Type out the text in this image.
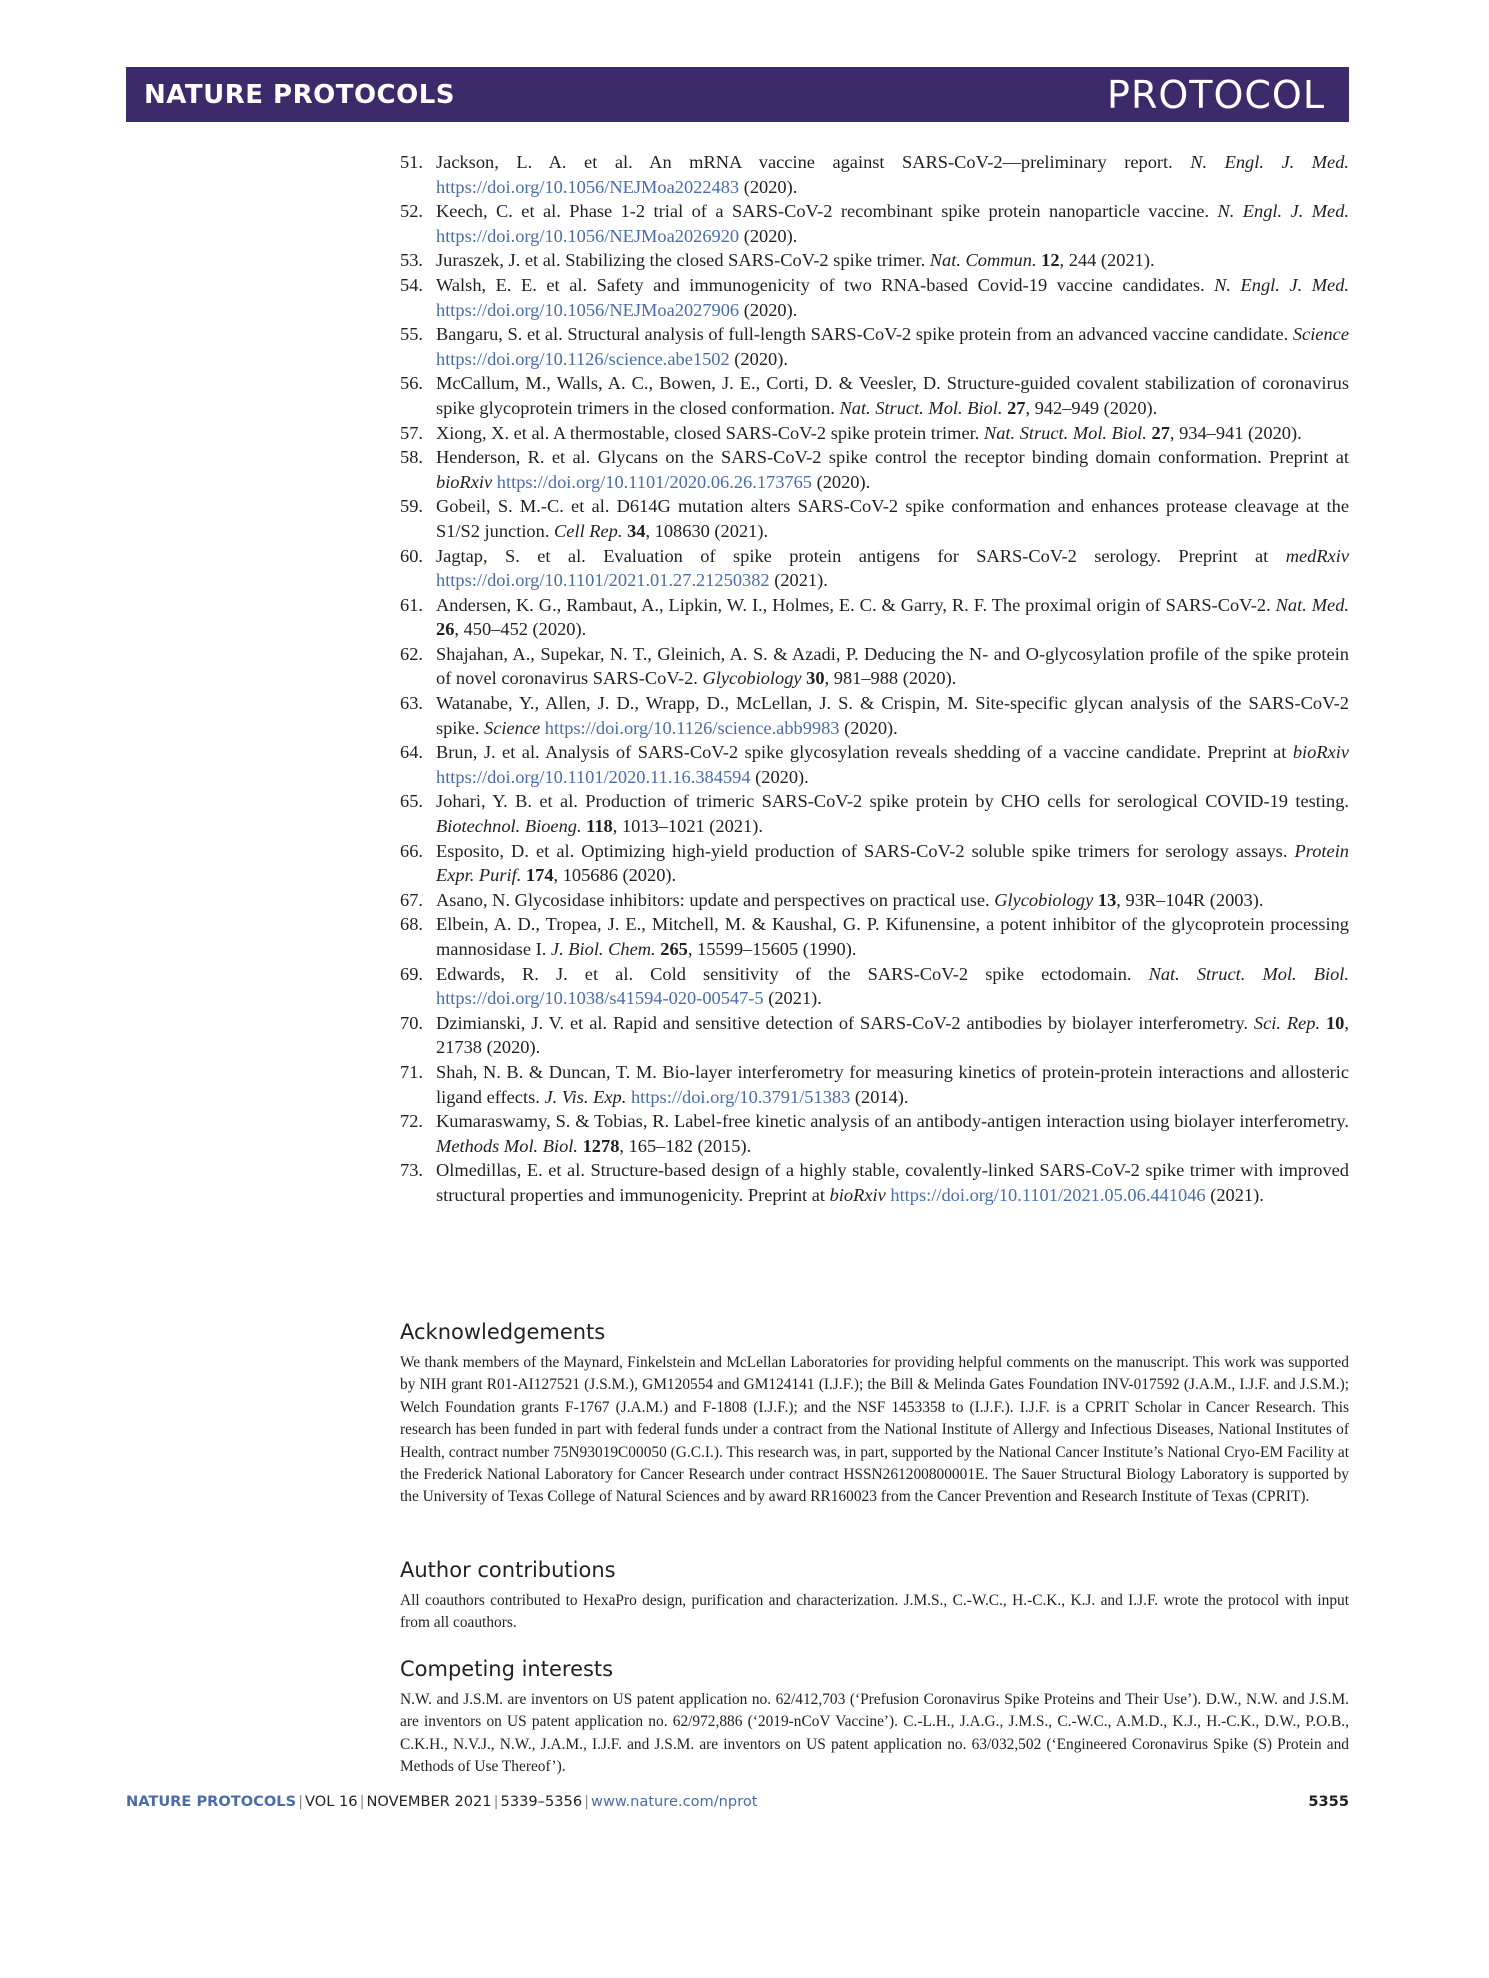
NATURE PROTOCOLS	PROTOCOL
51. Jackson, L. A. et al. An mRNA vaccine against SARS-CoV-2—preliminary report. N. Engl. J. Med. https://doi.org/10.1056/NEJMoa2022483 (2020).
52. Keech, C. et al. Phase 1-2 trial of a SARS-CoV-2 recombinant spike protein nanoparticle vaccine. N. Engl. J. Med. https://doi.org/10.1056/NEJMoa2026920 (2020).
53. Juraszek, J. et al. Stabilizing the closed SARS-CoV-2 spike trimer. Nat. Commun. 12, 244 (2021).
54. Walsh, E. E. et al. Safety and immunogenicity of two RNA-based Covid-19 vaccine candidates. N. Engl. J. Med. https://doi.org/10.1056/NEJMoa2027906 (2020).
55. Bangaru, S. et al. Structural analysis of full-length SARS-CoV-2 spike protein from an advanced vaccine candidate. Science https://doi.org/10.1126/science.abe1502 (2020).
56. McCallum, M., Walls, A. C., Bowen, J. E., Corti, D. & Veesler, D. Structure-guided covalent stabilization of coronavirus spike glycoprotein trimers in the closed conformation. Nat. Struct. Mol. Biol. 27, 942–949 (2020).
57. Xiong, X. et al. A thermostable, closed SARS-CoV-2 spike protein trimer. Nat. Struct. Mol. Biol. 27, 934–941 (2020).
58. Henderson, R. et al. Glycans on the SARS-CoV-2 spike control the receptor binding domain conformation. Preprint at bioRxiv https://doi.org/10.1101/2020.06.26.173765 (2020).
59. Gobeil, S. M.-C. et al. D614G mutation alters SARS-CoV-2 spike conformation and enhances protease cleavage at the S1/S2 junction. Cell Rep. 34, 108630 (2021).
60. Jagtap, S. et al. Evaluation of spike protein antigens for SARS-CoV-2 serology. Preprint at medRxiv https://doi.org/10.1101/2021.01.27.21250382 (2021).
61. Andersen, K. G., Rambaut, A., Lipkin, W. I., Holmes, E. C. & Garry, R. F. The proximal origin of SARS-CoV-2. Nat. Med. 26, 450–452 (2020).
62. Shajahan, A., Supekar, N. T., Gleinich, A. S. & Azadi, P. Deducing the N- and O-glycosylation profile of the spike protein of novel coronavirus SARS-CoV-2. Glycobiology 30, 981–988 (2020).
63. Watanabe, Y., Allen, J. D., Wrapp, D., McLellan, J. S. & Crispin, M. Site-specific glycan analysis of the SARS-CoV-2 spike. Science https://doi.org/10.1126/science.abb9983 (2020).
64. Brun, J. et al. Analysis of SARS-CoV-2 spike glycosylation reveals shedding of a vaccine candidate. Preprint at bioRxiv https://doi.org/10.1101/2020.11.16.384594 (2020).
65. Johari, Y. B. et al. Production of trimeric SARS-CoV-2 spike protein by CHO cells for serological COVID-19 testing. Biotechnol. Bioeng. 118, 1013–1021 (2021).
66. Esposito, D. et al. Optimizing high-yield production of SARS-CoV-2 soluble spike trimers for serology assays. Protein Expr. Purif. 174, 105686 (2020).
67. Asano, N. Glycosidase inhibitors: update and perspectives on practical use. Glycobiology 13, 93R–104R (2003).
68. Elbein, A. D., Tropea, J. E., Mitchell, M. & Kaushal, G. P. Kifunensine, a potent inhibitor of the glycoprotein processing mannosidase I. J. Biol. Chem. 265, 15599–15605 (1990).
69. Edwards, R. J. et al. Cold sensitivity of the SARS-CoV-2 spike ectodomain. Nat. Struct. Mol. Biol. https://doi.org/10.1038/s41594-020-00547-5 (2021).
70. Dzimianski, J. V. et al. Rapid and sensitive detection of SARS-CoV-2 antibodies by biolayer interferometry. Sci. Rep. 10, 21738 (2020).
71. Shah, N. B. & Duncan, T. M. Bio-layer interferometry for measuring kinetics of protein-protein interactions and allosteric ligand effects. J. Vis. Exp. https://doi.org/10.3791/51383 (2014).
72. Kumaraswamy, S. & Tobias, R. Label-free kinetic analysis of an antibody-antigen interaction using biolayer interferometry. Methods Mol. Biol. 1278, 165–182 (2015).
73. Olmedillas, E. et al. Structure-based design of a highly stable, covalently-linked SARS-CoV-2 spike trimer with improved structural properties and immunogenicity. Preprint at bioRxiv https://doi.org/10.1101/2021.05.06.441046 (2021).
Acknowledgements

We thank members of the Maynard, Finkelstein and McLellan Laboratories for providing helpful comments on the manuscript. This work was supported by NIH grant R01-AI127521 (J.S.M.), GM120554 and GM124141 (I.J.F.); the Bill & Melinda Gates Foundation INV-017592 (J.A.M., I.J.F. and J.S.M.); Welch Foundation grants F-1767 (J.A.M.) and F-1808 (I.J.F.); and the NSF 1453358 to (I.J.F.). I.J.F. is a CPRIT Scholar in Cancer Research. This research has been funded in part with federal funds under a contract from the National Institute of Allergy and Infectious Diseases, National Institutes of Health, contract number 75N93019C00050 (G.C.I.). This research was, in part, supported by the National Cancer Institute’s National Cryo-EM Facility at the Frederick National Laboratory for Cancer Research under contract HSSN261200800001E. The Sauer Structural Biology Laboratory is supported by the University of Texas College of Natural Sciences and by award RR160023 from the Cancer Prevention and Research Institute of Texas (CPRIT).

Author contributions

All coauthors contributed to HexaPro design, purification and characterization. J.M.S., C.-W.C., H.-C.K., K.J. and I.J.F. wrote the protocol with input from all coauthors.

Competing interests

N.W. and J.S.M. are inventors on US patent application no. 62/412,703 (‘Prefusion Coronavirus Spike Proteins and Their Use’). D.W., N.W. and J.S.M. are inventors on US patent application no. 62/972,886 (‘2019-nCoV Vaccine’). C.-L.H., J.A.G., J.M.S., C.-W.C., A.M.D., K.J., H.-C.K., D.W., P.O.B., C.K.H., N.V.J., N.W., J.A.M., I.J.F. and J.S.M. are inventors on US patent application no. 63/032,502 (‘Engineered Coronavirus Spike (S) Protein and Methods of Use Thereof’).

NATURE PROTOCOLS | VOL 16 | NOVEMBER 2021 | 5339–5356 | www.nature.com/nprot	5355
